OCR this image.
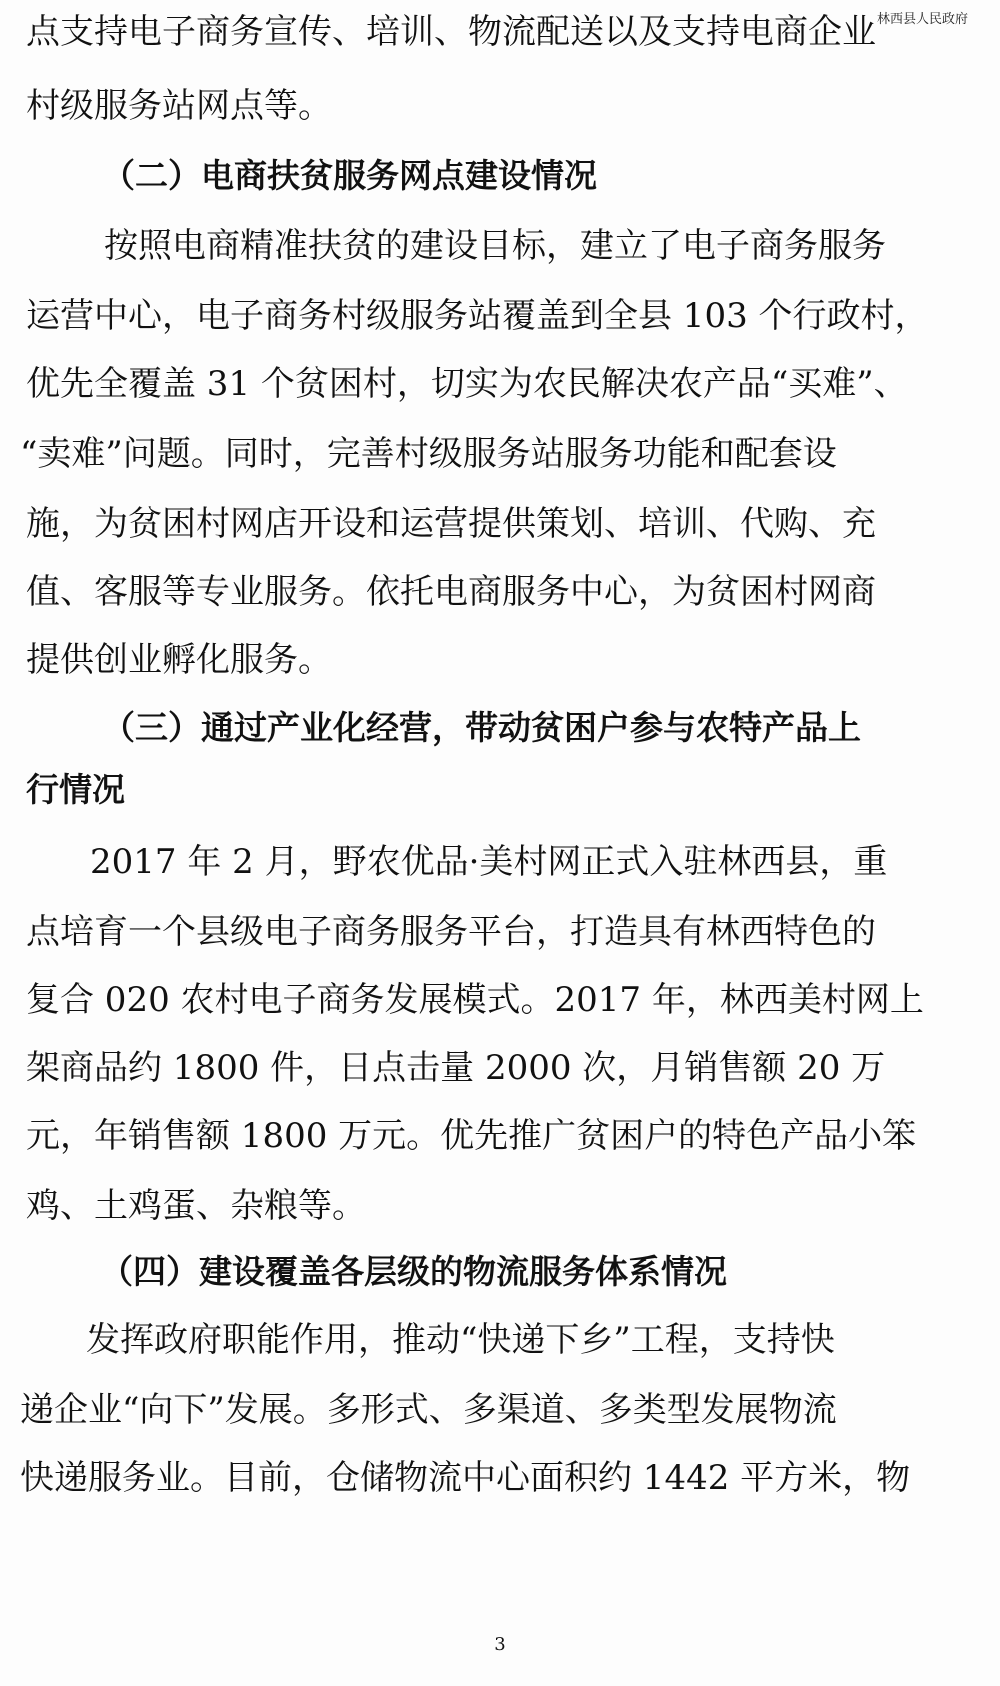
林西县人民政府
点支持电子商务宣传、培训、物流配送以及支持电商企业
村级服务站网点等。
（二）电商扶贫服务网点建设情况
按照电商精准扶贫的建设目标，建立了电子商务服务
运营中心，电子商务村级服务站覆盖到全县 103 个行政村，
优先全覆盖 31 个贫困村，切实为农民解决农产品“买难”、
“卖难”问题。同时，完善村级服务站服务功能和配套设
施，为贫困村网店开设和运营提供策划、培训、代购、充
值、客服等专业服务。依托电商服务中心，为贫困村网商
提供创业孵化服务。
（三）通过产业化经营，带动贫困户参与农特产品上
行情况
2017 年 2 月，野农优品·美村网正式入驻林西县，重
点培育一个县级电子商务服务平台，打造具有林西特色的
复合 020 农村电子商务发展模式。2017 年，林西美村网上
架商品约 1800 件，日点击量 2000 次，月销售额 20 万
元，年销售额 1800 万元。优先推广贫困户的特色产品小笨
鸡、土鸡蛋、杂粮等。
（四）建设覆盖各层级的物流服务体系情况
发挥政府职能作用，推动“快递下乡”工程，支持快
递企业“向下”发展。多形式、多渠道、多类型发展物流
快递服务业。目前，仓储物流中心面积约 1442 平方米，物
3
